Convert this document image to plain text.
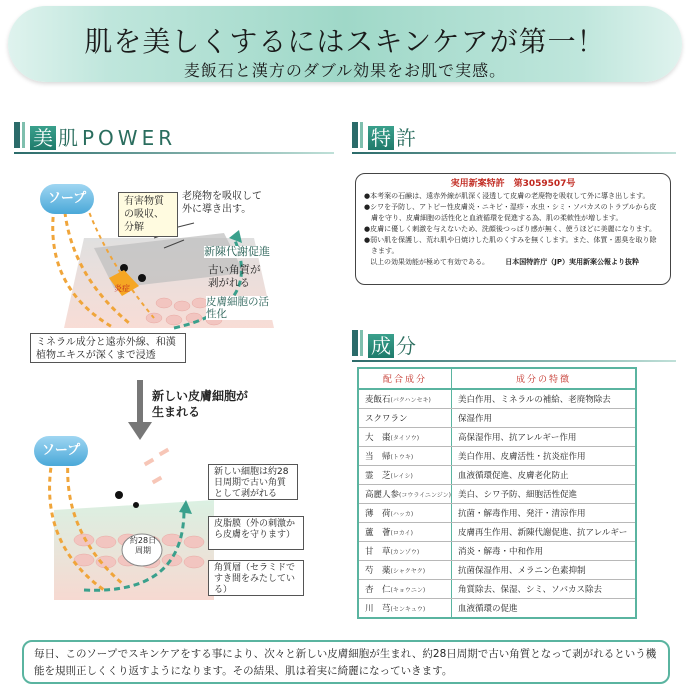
肌を美しくするにはスキンケアが第一！
麦飯石と漢方のダブル効果をお肌で実感。
美 肌POWER
ソープ	有害物質の吸収、分解
老廃物を吸収して外に導き出す。
新陳代謝促進
古い角質が剥がれる
皮膚細胞の活性化
炎症
ミネラル成分と遠赤外線、和漢植物エキスが深くまで浸透
新しい皮膚細胞が生まれる
ソープ
約28日周期
新しい細胞は約28日周期で古い角質として剥がれる
皮脂膜（外の刺激から皮膚を守ります）
角質層（セラミドですき間をみたしている）
特 許
実用新案特許　第3059507号
●本考案の石鹸は、遠赤外線が肌深く浸透して皮膚の老廃物を吸収して外に導き出します。
●シワを予防し、アトピー性皮膚炎・ニキビ・湿疹・水虫・シミ・ソバカスのトラブルから皮
　膚を守り、皮膚細胞の活性化と血液循環を促進する為、肌の柔軟性が増します。
●皮膚に優しく刺激を与えないため、洗顔後つっぱり感が無く、使うほどに美麗になります。
●弱い肌を保護し、荒れ肌や日焼けした肌のくすみを無くします。また、体質・悪臭を取り除
　きます。
以上の効果効能が極めて有効である。 日本国特許庁（JP）実用新案公報より抜粋
成 分
配合成分	成分の特徴
麦飯石(バクハンセキ)	美白作用、ミネラルの補給、老廃物除去
スクワラン	保湿作用
大　棗(タイソウ)	高保湿作用、抗アレルギー作用
当　帰(トウキ)	美白作用、皮膚活性・抗炎症作用
霊　芝(レイシ)	血液循環促進、皮膚老化防止
高麗人参(コウライニンジン)	美白、シワ予防、細胞活性促進
薄　荷(ハッカ)	抗菌・解毒作用、発汗・清涼作用
蘆　薈(ロカイ)	皮膚再生作用、新陳代謝促進、抗アレルギー
甘　草(カンゾウ)	消炎・解毒・中和作用
芍　薬(シャクヤク)	抗菌保湿作用、メラニン色素抑制
杏　仁(キョウニン)	角質除去、保湿、シミ、ソバカス除去
川　芎(センキュウ)	血液循環の促進
毎日、このソープでスキンケアをする事により、次々と新しい皮膚細胞が生まれ、約28日周期で古い角質となって剥がれるという機能を規則正しくくり返すようになります。その結果、肌は着実に綺麗になっていきます。
